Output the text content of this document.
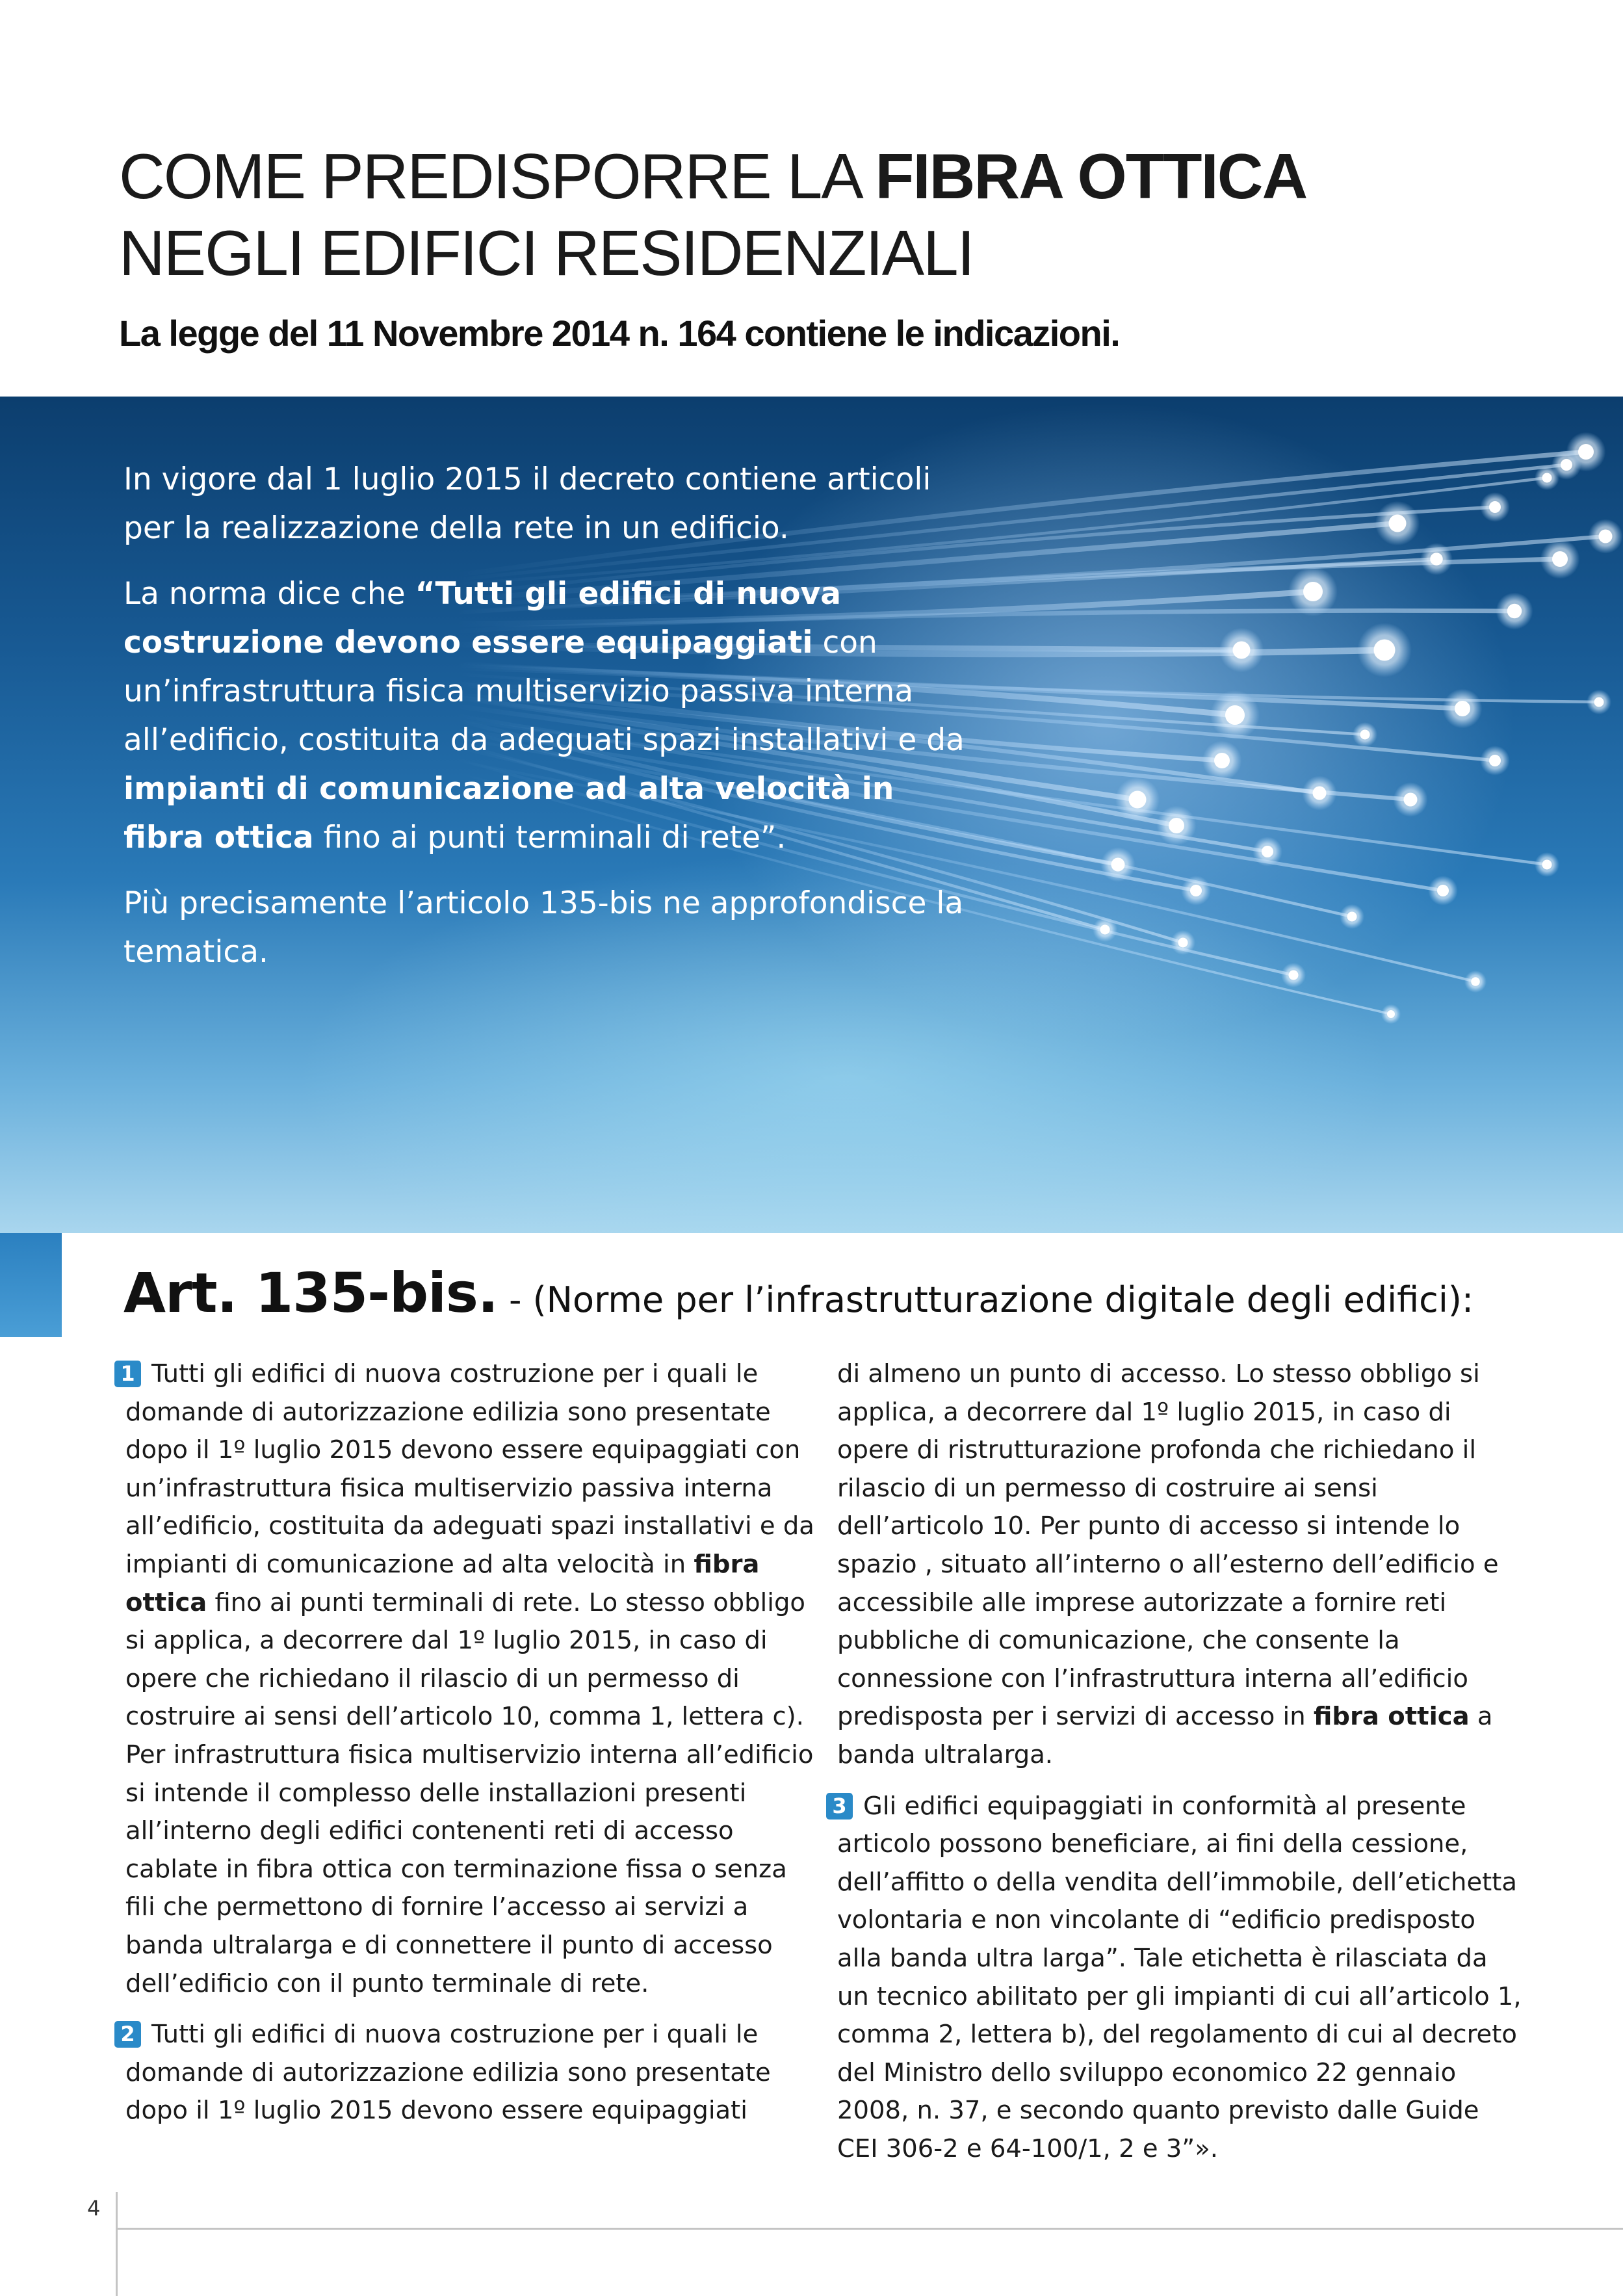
COME PREDISPORRE LA FIBRA OTTICA
NEGLI EDIFICI RESIDENZIALI
La legge del 11 Novembre 2014 n. 164 contiene le indicazioni.

In vigore dal 1 luglio 2015 il decreto contiene articoli per la realizzazione della rete in un edificio.

La norma dice che “Tutti gli edifici di nuova costruzione devono essere equipaggiati con un’infrastruttura fisica multiservizio passiva interna all’edificio, costituita da adeguati spazi installativi e da impianti di comunicazione ad alta velocità in fibra ottica fino ai punti terminali di rete”.

Più precisamente l’articolo 135-bis ne approfondisce la tematica.

Art. 135-bis. - (Norme per l’infrastrutturazione digitale degli edifici):

1 Tutti gli edifici di nuova costruzione per i quali le domande di autorizzazione edilizia sono presentate dopo il 1º luglio 2015 devono essere equipaggiati con un’infrastruttura fisica multiservizio passiva interna all’edificio, costituita da adeguati spazi installativi e da impianti di comunicazione ad alta velocità in fibra ottica fino ai punti terminali di rete. Lo stesso obbligo si applica, a decorrere dal 1º luglio 2015, in caso di opere che richiedano il rilascio di un permesso di costruire ai sensi dell’articolo 10, comma 1, lettera c). Per infrastruttura fisica multiservizio interna all’edificio si intende il complesso delle installazioni presenti all’interno degli edifici contenenti reti di accesso cablate in fibra ottica con terminazione fissa o senza fili che permettono di fornire l’accesso ai servizi a banda ultralarga e di connettere il punto di accesso dell’edificio con il punto terminale di rete.

2 Tutti gli edifici di nuova costruzione per i quali le domande di autorizzazione edilizia sono presentate dopo il 1º luglio 2015 devono essere equipaggiati

di almeno un punto di accesso. Lo stesso obbligo si applica, a decorrere dal 1º luglio 2015, in caso di opere di ristrutturazione profonda che richiedano il rilascio di un permesso di costruire ai sensi dell’articolo 10. Per punto di accesso si intende lo spazio , situato all’interno o all’esterno dell’edificio e accessibile alle imprese autorizzate a fornire reti pubbliche di comunicazione, che consente la connessione con l’infrastruttura interna all’edificio predisposta per i servizi di accesso in fibra ottica a banda ultralarga.

3 Gli edifici equipaggiati in conformità al presente articolo possono beneficiare, ai fini della cessione, dell’affitto o della vendita dell’immobile, dell’etichetta volontaria e non vincolante di “edificio predisposto alla banda ultra larga”. Tale etichetta è rilasciata da un tecnico abilitato per gli impianti di cui all’articolo 1, comma 2, lettera b), del regolamento di cui al decreto del Ministro dello sviluppo economico 22 gennaio 2008, n. 37, e secondo quanto previsto dalle Guide CEI 306-2 e 64-100/1, 2 e 3”».

4
